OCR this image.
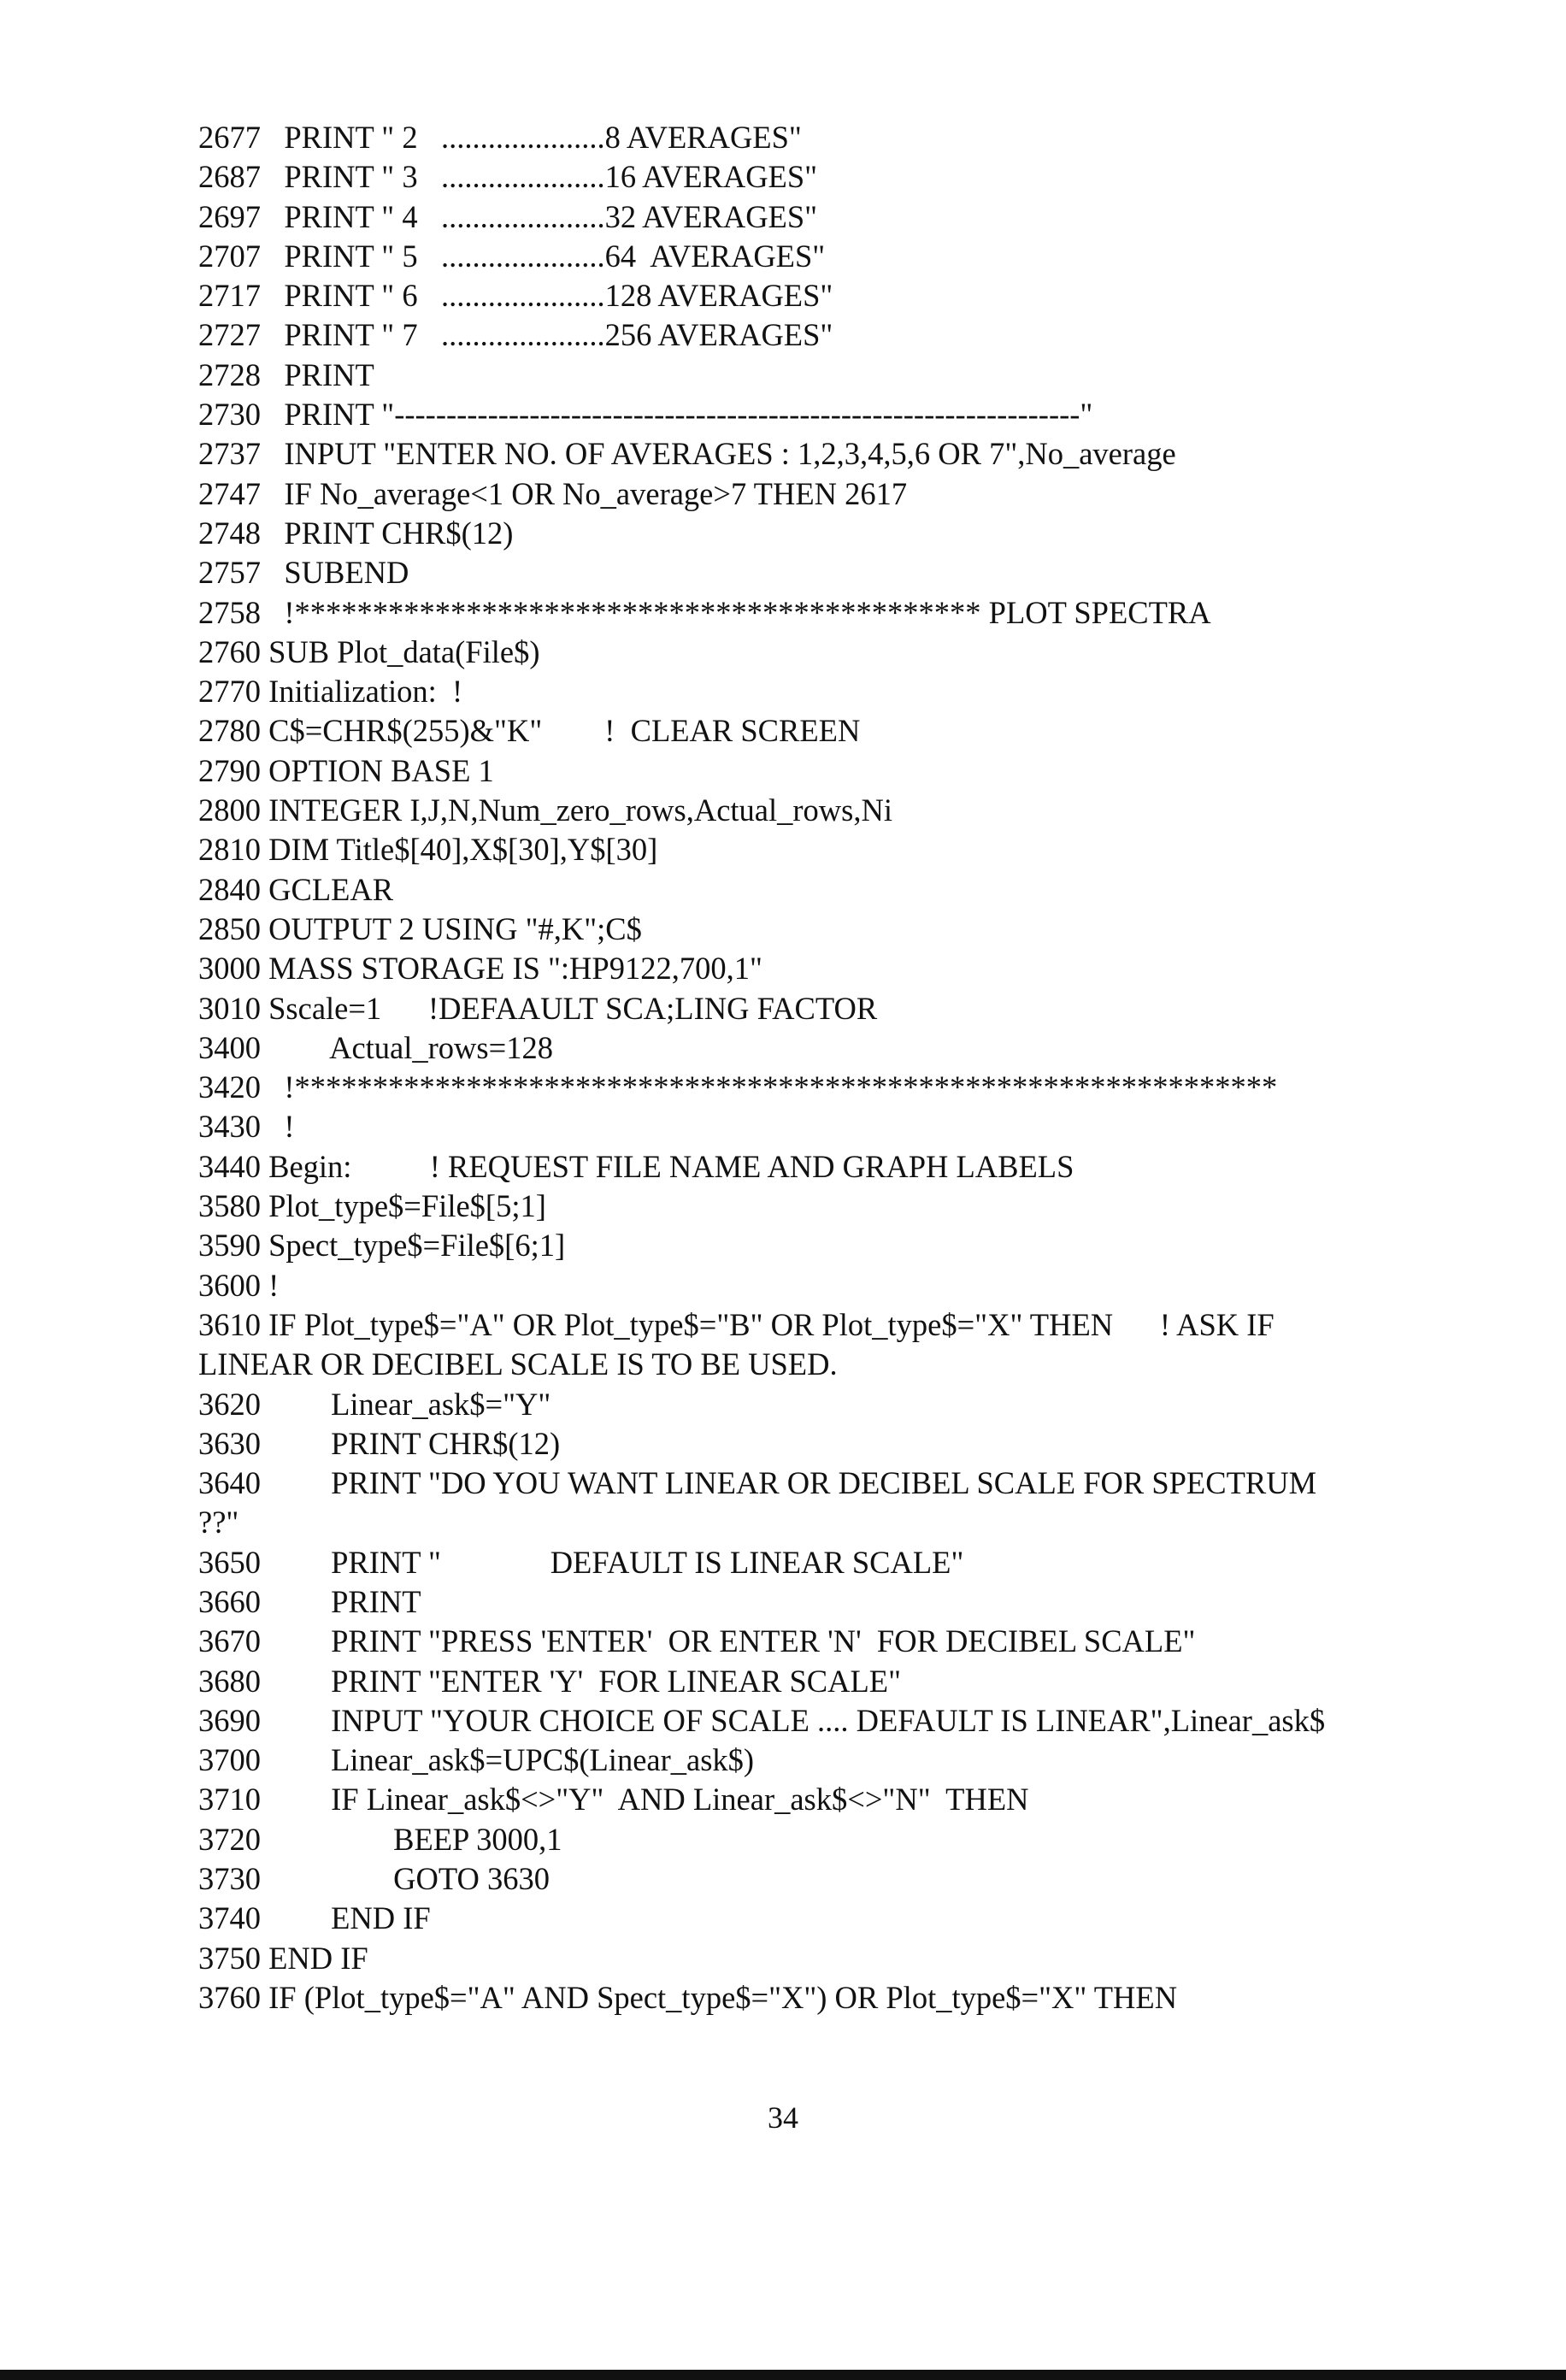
2677   PRINT " 2   .....................8 AVERAGES"
2687   PRINT " 3   .....................16 AVERAGES"
2697   PRINT " 4   .....................32 AVERAGES"
2707   PRINT " 5   .....................64  AVERAGES"
2717   PRINT " 6   .....................128 AVERAGES"
2727   PRINT " 7   .....................256 AVERAGES"
2728   PRINT
2730   PRINT "------------------------------------------------------------------"
2737   INPUT "ENTER NO. OF AVERAGES : 1,2,3,4,5,6 OR 7",No_average
2747   IF No_average<1 OR No_average>7 THEN 2617
2748   PRINT CHR$(12)
2757   SUBEND
2758   !******************************************** PLOT SPECTRA
2760 SUB Plot_data(File$)
2770 Initialization:  !
2780 C$=CHR$(255)&"K"        !  CLEAR SCREEN
2790 OPTION BASE 1
2800 INTEGER I,J,N,Num_zero_rows,Actual_rows,Ni
2810 DIM Title$[40],X$[30],Y$[30]
2840 GCLEAR
2850 OUTPUT 2 USING "#,K";C$
3000 MASS STORAGE IS ":HP9122,700,1"
3010 Sscale=1      !DEFAAULT SCA;LING FACTOR
3400         Actual_rows=128
3420   !***************************************************************
3430   !
3440 Begin:          ! REQUEST FILE NAME AND GRAPH LABELS
3580 Plot_type$=File$[5;1]
3590 Spect_type$=File$[6;1]
3600 !
3610 IF Plot_type$="A" OR Plot_type$="B" OR Plot_type$="X" THEN      ! ASK IF
LINEAR OR DECIBEL SCALE IS TO BE USED.
3620         Linear_ask$="Y"
3630         PRINT CHR$(12)
3640         PRINT "DO YOU WANT LINEAR OR DECIBEL SCALE FOR SPECTRUM
??"
3650         PRINT "              DEFAULT IS LINEAR SCALE"
3660         PRINT
3670         PRINT "PRESS 'ENTER'  OR ENTER 'N'  FOR DECIBEL SCALE"
3680         PRINT "ENTER 'Y'  FOR LINEAR SCALE"
3690         INPUT "YOUR CHOICE OF SCALE .... DEFAULT IS LINEAR",Linear_ask$
3700         Linear_ask$=UPC$(Linear_ask$)
3710         IF Linear_ask$<>"Y"  AND Linear_ask$<>"N"  THEN
3720                 BEEP 3000,1
3730                 GOTO 3630
3740         END IF
3750 END IF
3760 IF (Plot_type$="A" AND Spect_type$="X") OR Plot_type$="X" THEN
34
